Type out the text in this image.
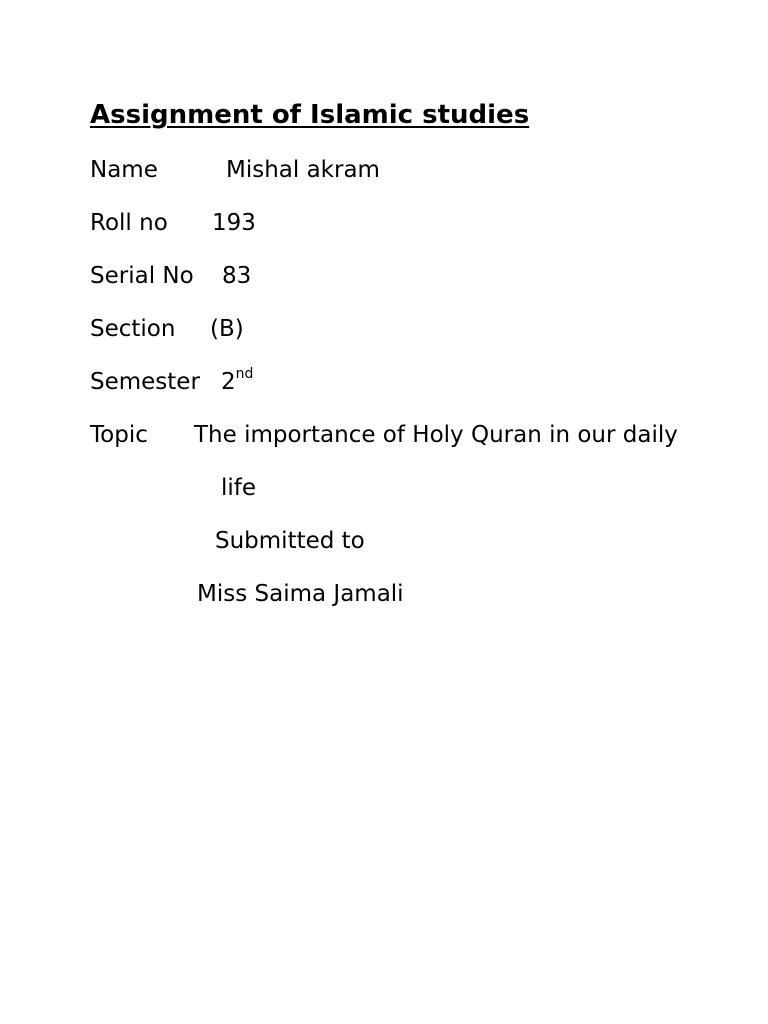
Assignment of Islamic studies
Name	Mishal akram
Roll no 193
Serial No 83
Section (B)
Semester 2nd
Topic The importance of Holy Quran in our daily
life
Submitted to
Miss Saima Jamali
